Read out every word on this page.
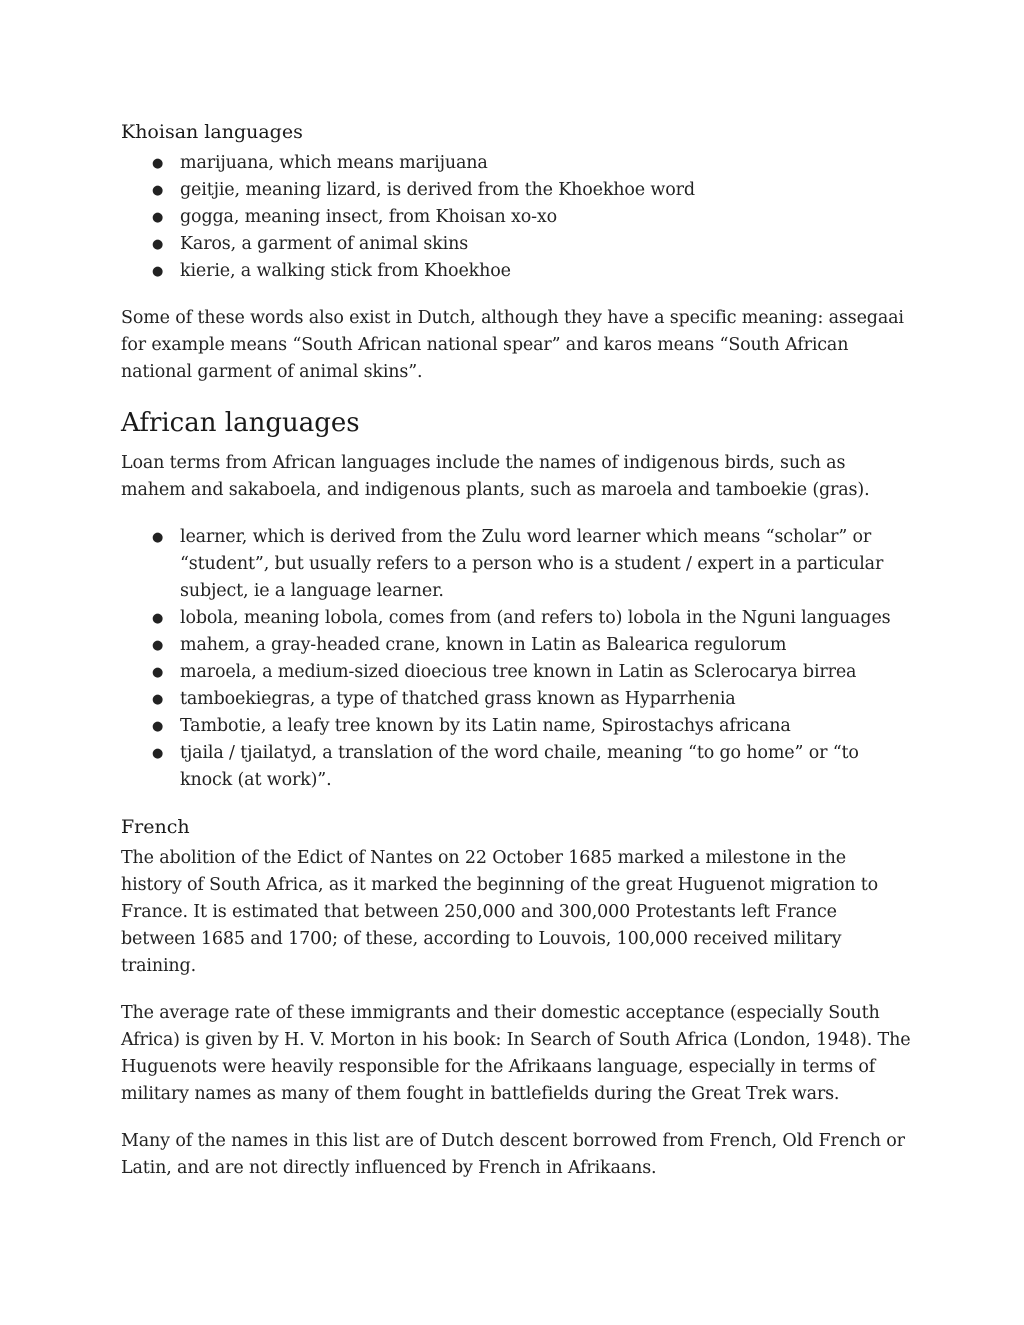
Khoisan languages
● marijuana, which means marijuana
● geitjie, meaning lizard, is derived from the Khoekhoe word
● gogga, meaning insect, from Khoisan xo-xo
● Karos, a garment of animal skins
● kierie, a walking stick from Khoekhoe

Some of these words also exist in Dutch, although they have a specific meaning: assegaai for example means “South African national spear” and karos means “South African national garment of animal skins”.

African languages

Loan terms from African languages include the names of indigenous birds, such as mahem and sakaboela, and indigenous plants, such as maroela and tamboekie (gras).

● learner, which is derived from the Zulu word learner which means “scholar” or “student”, but usually refers to a person who is a student / expert in a particular subject, ie a language learner.
● lobola, meaning lobola, comes from (and refers to) lobola in the Nguni languages
● mahem, a gray-headed crane, known in Latin as Balearica regulorum
● maroela, a medium-sized dioecious tree known in Latin as Sclerocarya birrea
● tamboekiegras, a type of thatched grass known as Hyparrhenia
● Tambotie, a leafy tree known by its Latin name, Spirostachys africana
● tjaila / tjailatyd, a translation of the word chaile, meaning “to go home” or “to knock (at work)”.
French

The abolition of the Edict of Nantes on 22 October 1685 marked a milestone in the history of South Africa, as it marked the beginning of the great Huguenot migration to France. It is estimated that between 250,000 and 300,000 Protestants left France between 1685 and 1700; of these, according to Louvois, 100,000 received military training.

The average rate of these immigrants and their domestic acceptance (especially South Africa) is given by H. V. Morton in his book: In Search of South Africa (London, 1948). The Huguenots were heavily responsible for the Afrikaans language, especially in terms of military names as many of them fought in battlefields during the Great Trek wars.

Many of the names in this list are of Dutch descent borrowed from French, Old French or Latin, and are not directly influenced by French in Afrikaans.
